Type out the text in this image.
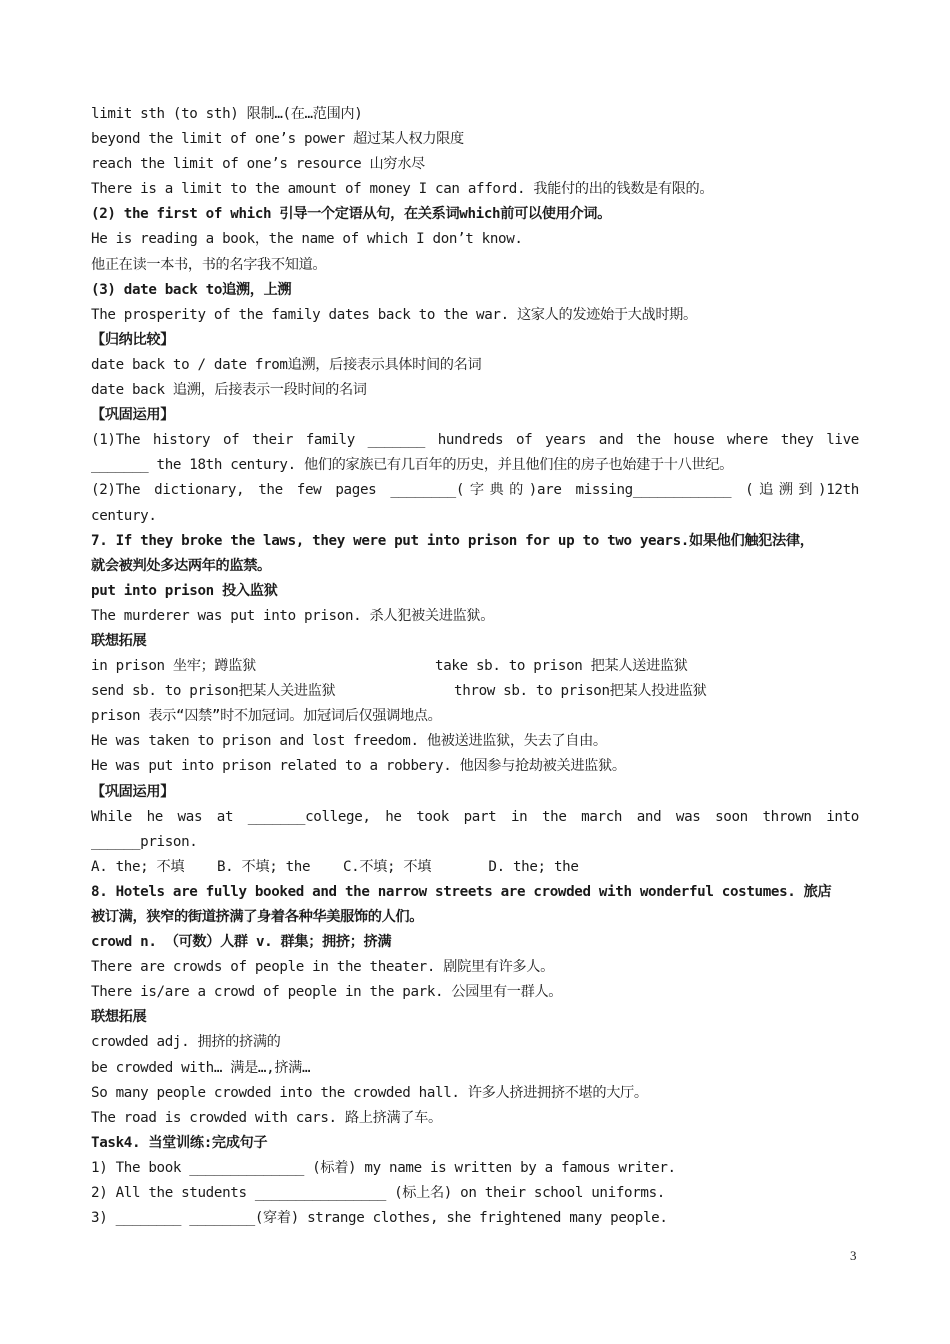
limit sth (to sth) 限制…(在…范围内)
beyond the limit of one’s power 超过某人权力限度
reach the limit of one’s resource 山穷水尽
There is a limit to the amount of money I can afford. 我能付的出的钱数是有限的。
(2) the first of which 引导一个定语从句，在关系词which前可以使用介词。
He is reading a book，the name of which I don’t know.
他正在读一本书，书的名字我不知道。
(3) date back to追溯，上溯
The prosperity of the family dates back to the war. 这家人的发迹始于大战时期。
【归纳比较】
date back to / date from追溯，后接表示具体时间的名词
date back 追溯，后接表示一段时间的名词
【巩固运用】
(1)The history of their family _______ hundreds of years and the house where they live
_______ the 18th century. 他们的家族已有几百年的历史，并且他们住的房子也始建于十八世纪。
(2)The dictionary, the few pages ________(字典的)are missing____________ (追溯到)12th
century.
7. If they broke the laws, they were put into prison for up to two years.如果他们触犯法律，
就会被判处多达两年的监禁。
put into prison 投入监狱
The murderer was put into prison. 杀人犯被关进监狱。
联想拓展
in prison 坐牢；蹲监狱	take sb. to prison 把某人送进监狱
send sb. to prison把某人关进监狱	throw sb. to prison把某人投进监狱
prison 表示“囚禁”时不加冠词。加冠词后仅强调地点。
He was taken to prison and lost freedom. 他被送进监狱，失去了自由。
He was put into prison related to a robbery. 他因参与抢劫被关进监狱。
【巩固运用】
While he was at _______college, he took part in the march and was soon thrown into
______prison.
A. the; 不填    B. 不填; the    C.不填; 不填       D. the; the
8. Hotels are fully booked and the narrow streets are crowded with wonderful costumes. 旅店
被订满，狭窄的街道挤满了身着各种华美服饰的人们。
crowd n. （可数）人群 v. 群集；拥挤；挤满
There are crowds of people in the theater. 剧院里有许多人。
There is/are a crowd of people in the park. 公园里有一群人。
联想拓展
crowded adj. 拥挤的挤满的
be crowded with… 满是…,挤满…
So many people crowded into the crowded hall. 许多人挤进拥挤不堪的大厅。
The road is crowded with cars. 路上挤满了车。
Task4. 当堂训练:完成句子
1) The book ______________ (标着) my name is written by a famous writer.
2) All the students ________________ (标上名) on their school uniforms.
3) ________ ________(穿着) strange clothes, she frightened many people.
3
